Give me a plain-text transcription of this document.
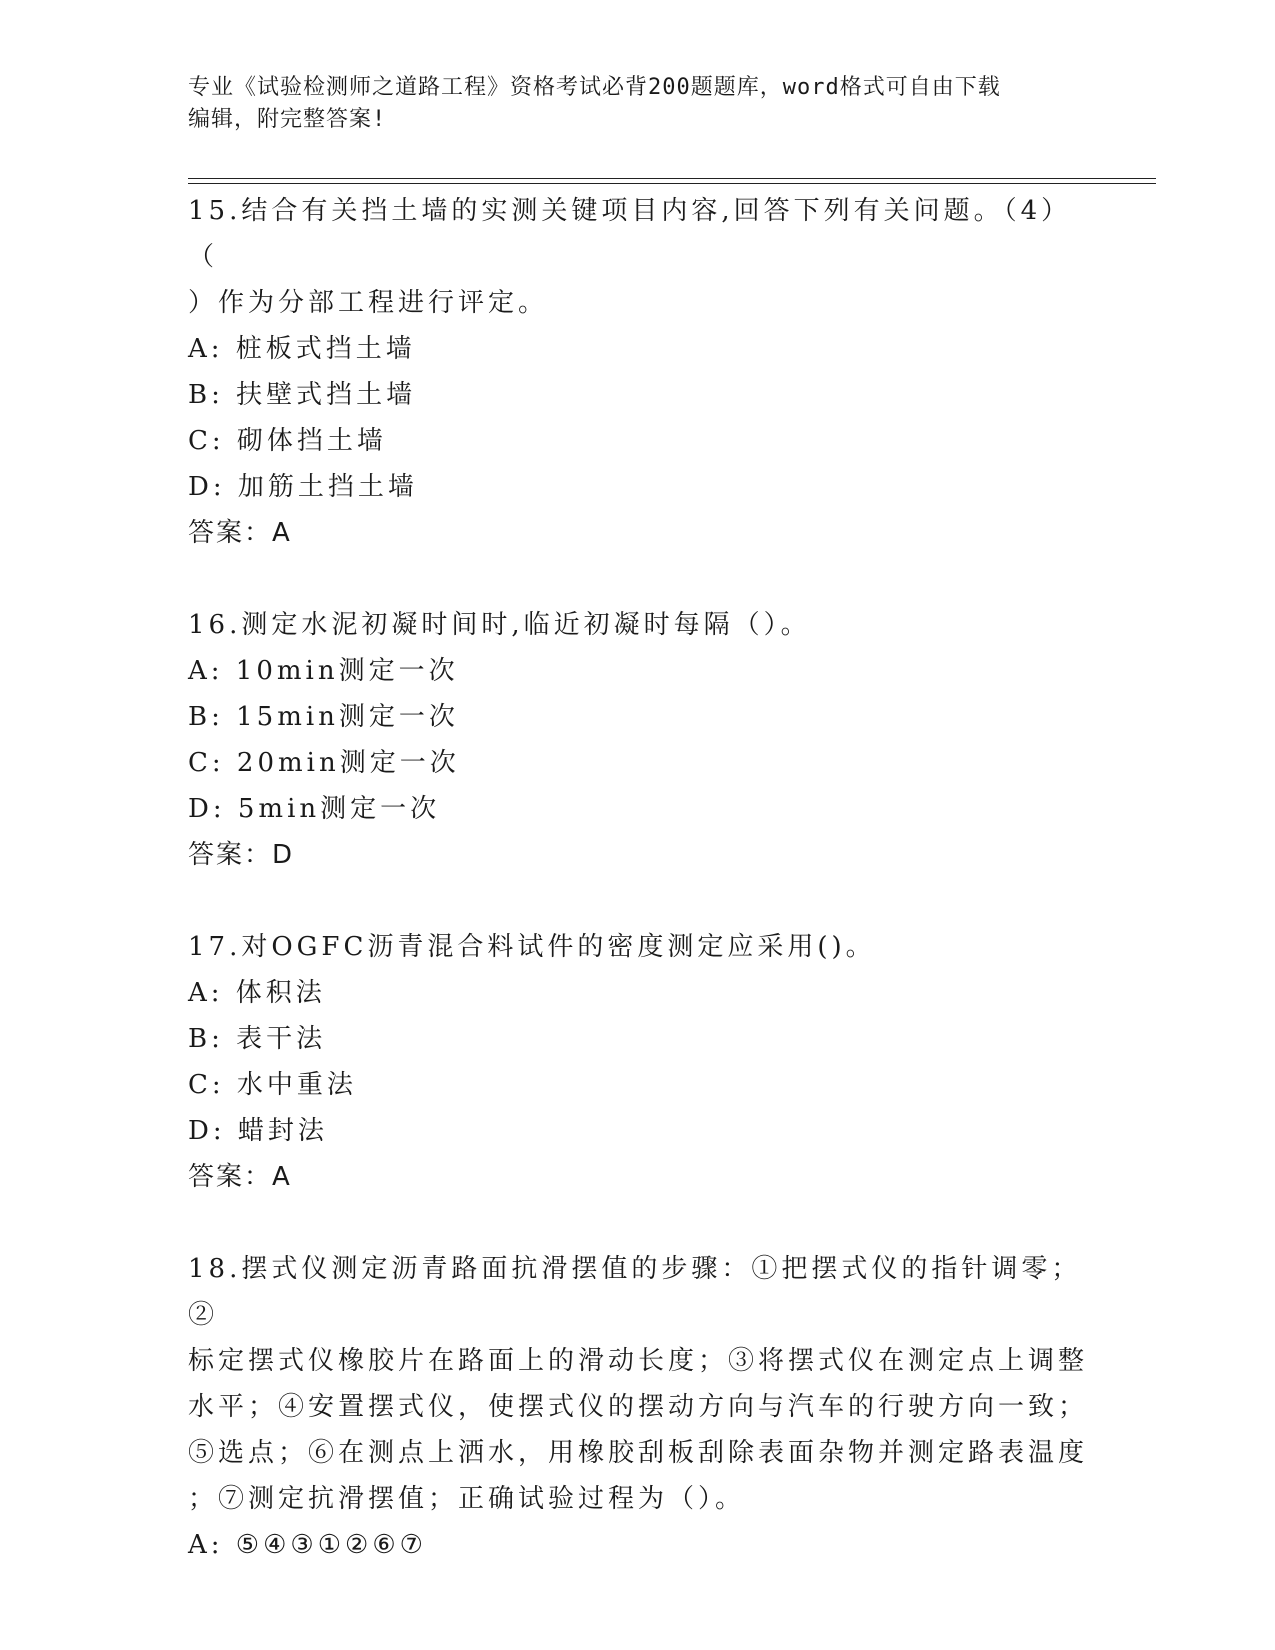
专业《试验检测师之道路工程》资格考试必背200题题库，word格式可自由下载
编辑，附完整答案!

15.结合有关挡土墙的实测关键项目内容,回答下列有关问题。（4）（

）作为分部工程进行评定。

A: 桩板式挡土墙

B: 扶壁式挡土墙

C: 砌体挡土墙

D: 加筋土挡土墙

答案：A

16.测定水泥初凝时间时,临近初凝时每隔（）。

A: 10min测定一次

B: 15min测定一次

C: 20min测定一次

D: 5min测定一次

答案：D

17.对OGFC沥青混合料试件的密度测定应采用()。

A: 体积法

B: 表干法

C: 水中重法

D: 蜡封法

答案：A

18.摆式仪测定沥青路面抗滑摆值的步骤：①把摆式仪的指针调零；②

标定摆式仪橡胶片在路面上的滑动长度；③将摆式仪在测定点上调整

水平；④安置摆式仪，使摆式仪的摆动方向与汽车的行驶方向一致；

⑤选点；⑥在测点上洒水，用橡胶刮板刮除表面杂物并测定路表温度

；⑦测定抗滑摆值；正确试验过程为（）。

A: ⑤④③①②⑥⑦
